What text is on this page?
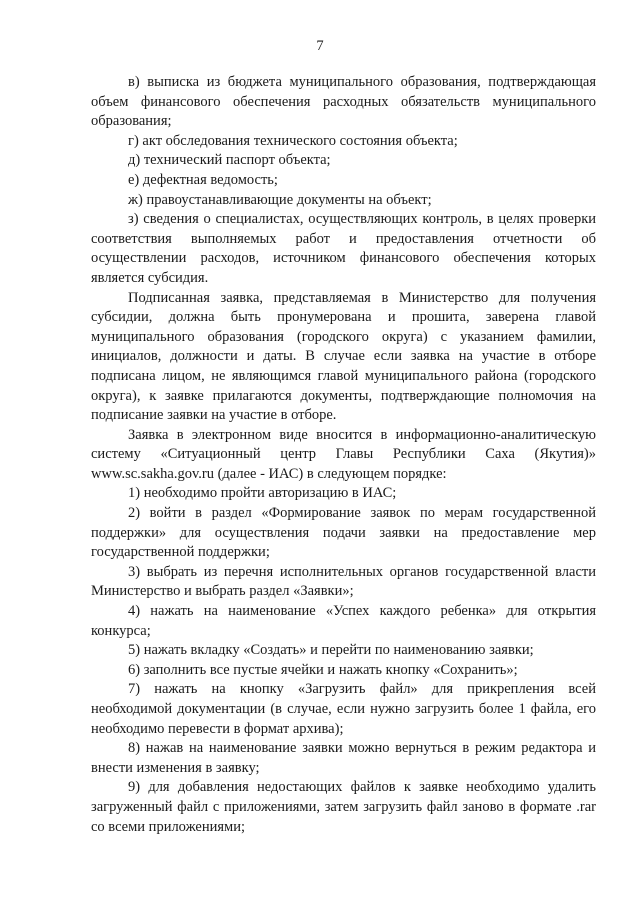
7

в) выписка из бюджета муниципального образования, подтверждающая объем финансового обеспечения расходных обязательств муниципального образования;

г) акт обследования технического состояния объекта;

д) технический паспорт объекта;

е) дефектная ведомость;

ж) правоустанавливающие документы на объект;

з) сведения о специалистах, осуществляющих контроль, в целях проверки соответствия выполняемых работ и предоставления отчетности об осуществлении расходов, источником финансового обеспечения которых является субсидия.

Подписанная заявка, представляемая в Министерство для получения субсидии, должна быть пронумерована и прошита, заверена главой муниципального образования (городского округа) с указанием фамилии, инициалов, должности и даты. В случае если заявка на участие в отборе подписана лицом, не являющимся главой муниципального района (городского округа), к заявке прилагаются документы, подтверждающие полномочия на подписание заявки на участие в отборе.

Заявка в электронном виде вносится в информационно-аналитическую систему «Ситуационный центр Главы Республики Саха (Якутия)» www.sc.sakha.gov.ru (далее - ИАС) в следующем порядке:

1) необходимо пройти авторизацию в ИАС;

2) войти в раздел «Формирование заявок по мерам государственной поддержки» для осуществления подачи заявки на предоставление мер государственной поддержки;

3) выбрать из перечня исполнительных органов государственной власти Министерство и выбрать раздел «Заявки»;

4) нажать на наименование «Успех каждого ребенка» для открытия конкурса;

5) нажать вкладку «Создать» и перейти по наименованию заявки;

6) заполнить все пустые ячейки и нажать кнопку «Сохранить»;

7) нажать на кнопку «Загрузить файл» для прикрепления всей необходимой документации (в случае, если нужно загрузить более 1 файла, его необходимо перевести в формат архива);

8) нажав на наименование заявки можно вернуться в режим редактора и внести изменения в заявку;

9) для добавления недостающих файлов к заявке необходимо удалить загруженный файл с приложениями, затем загрузить файл заново в формате .rar со всеми приложениями;
